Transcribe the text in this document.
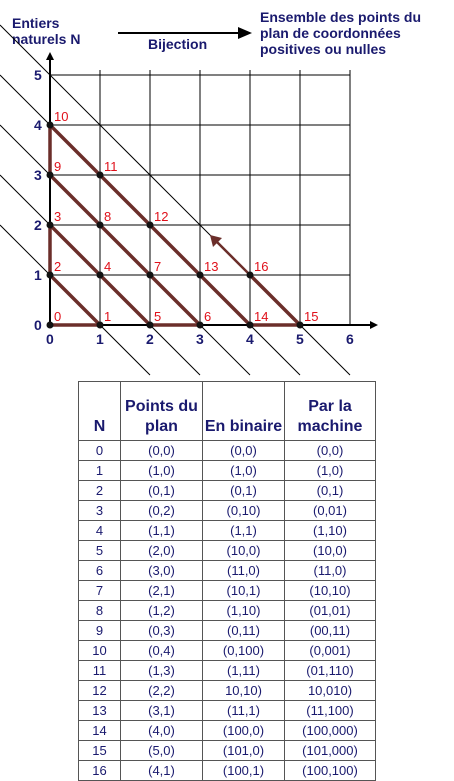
Entiers naturels N	Bijection
Ensemble des points du plan de coordonnées positives ou nulles
0	1
2
3
4
5	6
7
8
9
10
11
12
13
14	15
16
0	1	2	3	4	5	6
0
1
2
3
4
5
N	Points du plan	En binaire	Par la machine
0	(0,0)	(0,0)	(0,0)
1	(1,0)	(1,0)	(1,0)
2	(0,1)	(0,1)	(0,1)
3	(0,2)	(0,10)	(0,01)
4	(1,1)	(1,1)	(1,10)
5	(2,0)	(10,0)	(10,0)
6	(3,0)	(11,0)	(11,0)
7	(2,1)	(10,1)	(10,10)
8	(1,2)	(1,10)	(01,01)
9	(0,3)	(0,11)	(00,11)
10	(0,4)	(0,100)	(0,001)
11	(1,3)	(1,11)	(01,110)
12	(2,2)	10,10)	10,010)
13	(3,1)	(11,1)	(11,100)
14	(4,0)	(100,0)	(100,000)
15	(5,0)	(101,0)	(101,000)
16	(4,1)	(100,1)	(100,100)
